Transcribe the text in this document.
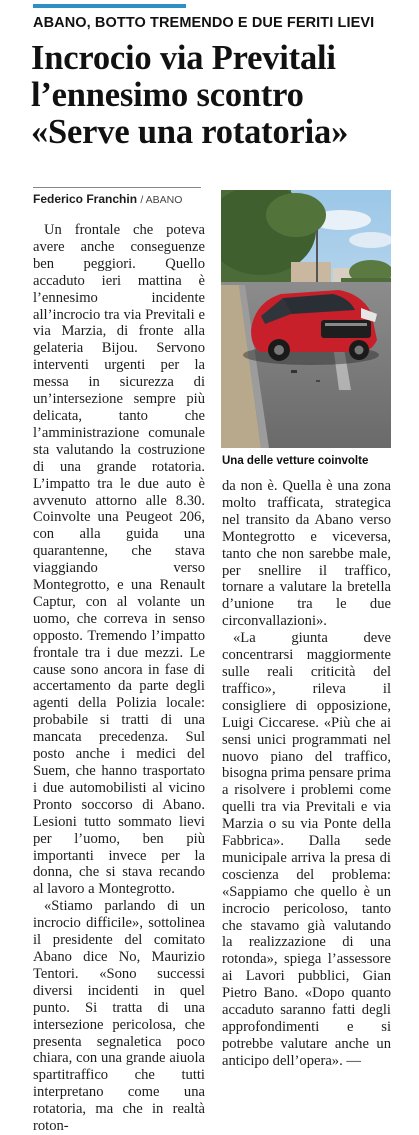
ABANO, BOTTO TREMENDO E DUE FERITI LIEVI
Incrocio via Previtali
l’ennesimo scontro
«Serve una rotatoria»
Federico Franchin / ABANO

Un frontale che poteva avere anche conseguenze ben peggiori. Quello accaduto ieri mattina è l’ennesimo incidente all’incrocio tra via Previtali e via Marzia, di fronte alla gelateria Bijou. Servono interventi urgenti per la messa in sicurezza di un’intersezione sempre più delicata, tanto che l’amministrazione comunale sta valutando la costruzione di una grande rotatoria. L’impatto tra le due auto è avvenuto attorno alle 8.30. Coinvolte una Peugeot 206, con alla guida una quarantenne, che stava viaggiando verso Montegrotto, e una Renault Captur, con al volante un uomo, che correva in senso opposto. Tremendo l’impatto frontale tra i due mezzi. Le cause sono ancora in fase di accertamento da parte degli agenti della Polizia locale: probabile si tratti di una mancata precedenza. Sul posto anche i medici del Suem, che hanno trasportato i due automobilisti al vicino Pronto soccorso di Abano. Lesioni tutto sommato lievi per l’uomo, ben più importanti invece per la donna, che si stava recando al lavoro a Montegrotto.

«Stiamo parlando di un incrocio difficile», sottolinea il presidente del comitato Abano dice No, Maurizio Tentori. «Sono successi diversi incidenti in quel punto. Si tratta di una intersezione pericolosa, che presenta segnaletica poco chiara, con una grande aiuola spartitraffico che tutti interpretano come una rotatoria, ma che in realtà roton-

Una delle vetture coinvolte

da non è. Quella è una zona molto trafficata, strategica nel transito da Abano verso Montegrotto e viceversa, tanto che non sarebbe male, per snellire il traffico, tornare a valutare la bretella d’unione tra le due circonvallazioni».

«La giunta deve concentrarsi maggiormente sulle reali criticità del traffico», rileva il consigliere di opposizione, Luigi Ciccarese. «Più che ai sensi unici programmati nel nuovo piano del traffico, bisogna prima pensare prima a risolvere i problemi come quelli tra via Previtali e via Marzia o su via Ponte della Fabbrica». Dalla sede municipale arriva la presa di coscienza del problema: «Sappiamo che quello è un incrocio pericoloso, tanto che stavamo già valutando la realizzazione di una rotonda», spiega l’assessore ai Lavori pubblici, Gian Pietro Bano. «Dopo quanto accaduto saranno fatti degli approfondimenti e si potrebbe valutare anche un anticipo dell’opera». —
